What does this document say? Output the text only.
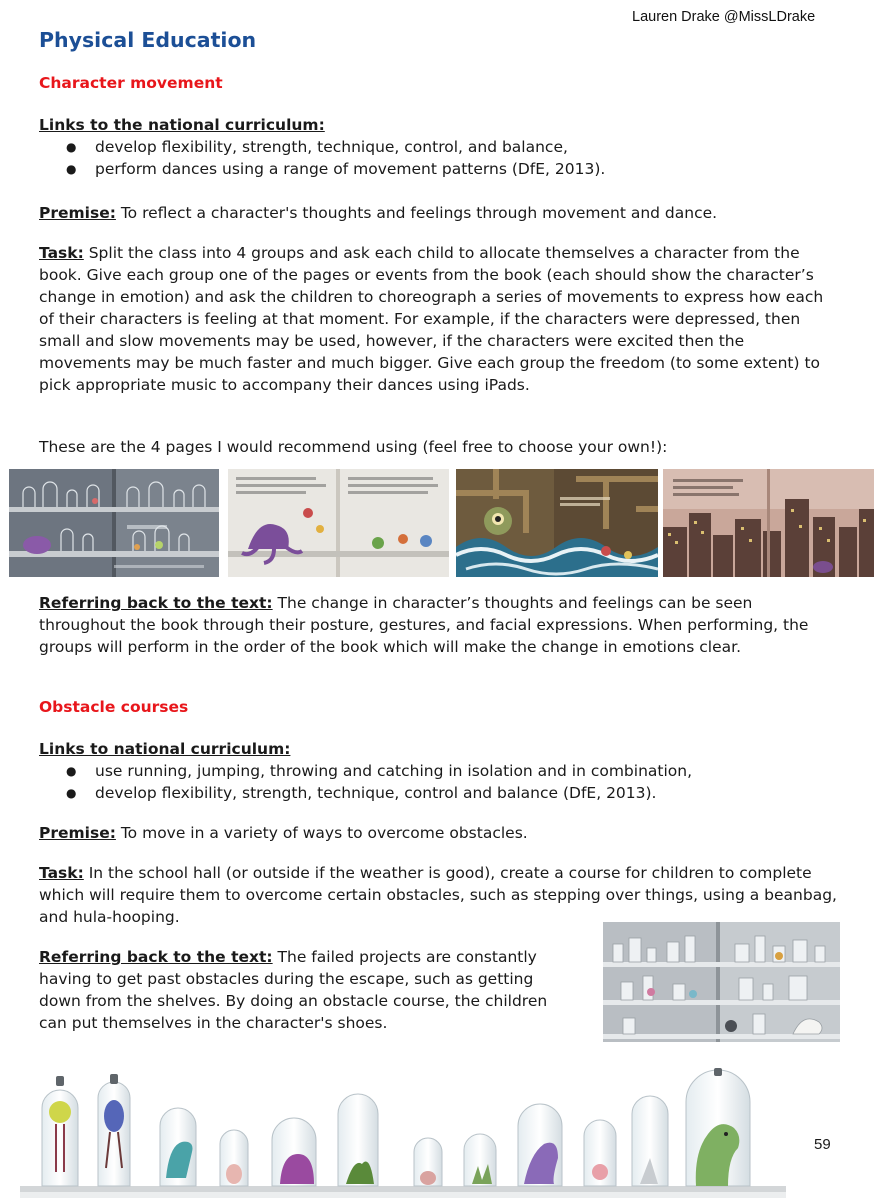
Lauren Drake @MissLDrake
Physical Education
Character movement

Links to the national curriculum:

● develop flexibility, strength, technique, control, and balance,
● perform dances using a range of movement patterns (DfE, 2013).

Premise: To reflect a character's thoughts and feelings through movement and dance.

Task: Split the class into 4 groups and ask each child to allocate themselves a character from the book. Give each group one of the pages or events from the book (each should show the character’s change in emotion) and ask the children to choreograph a series of movements to express how each of their characters is feeling at that moment. For example, if the characters were depressed, then small and slow movements may be used, however, if the characters were excited then the movements may be much faster and much bigger. Give each group the freedom (to some extent) to pick appropriate music to accompany their dances using iPads.

These are the 4 pages I would recommend using (feel free to choose your own!):

Referring back to the text: The change in character’s thoughts and feelings can be seen throughout the book through their posture, gestures, and facial expressions. When performing, the groups will perform in the order of the book which will make the change in emotions clear.

Obstacle courses

Links to national curriculum:

● use running, jumping, throwing and catching in isolation and in combination,
● develop flexibility, strength, technique, control and balance (DfE, 2013).

Premise: To move in a variety of ways to overcome obstacles.

Task: In the school hall (or outside if the weather is good), create a course for children to complete which will require them to overcome certain obstacles, such as stepping over things, using a beanbag, and hula-hooping.

Referring back to the text: The failed projects are constantly having to get past obstacles during the escape, such as getting down from the shelves. By doing an obstacle course, the children can put themselves in the character's shoes.

59
